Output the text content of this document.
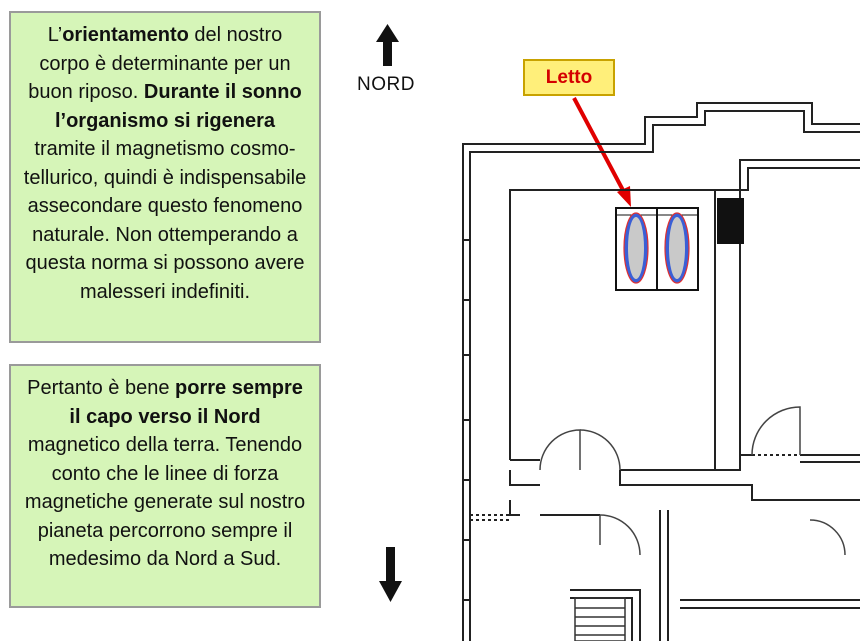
L’orientamento del nostro corpo è determinante per un buon riposo. Durante il sonno l’organismo si rigenera tramite il magnetismo cosmo-tellurico, quindi è indispensabile assecondare questo fenomeno naturale. Non ottemperando a questa norma si possono avere malesseri indefiniti.
Pertanto è bene porre sempre il capo verso il Nord magnetico della terra. Tenendo conto che le linee di forza magnetiche generate sul nostro pianeta percorrono sempre il medesimo da Nord a Sud.
NORD	Letto
